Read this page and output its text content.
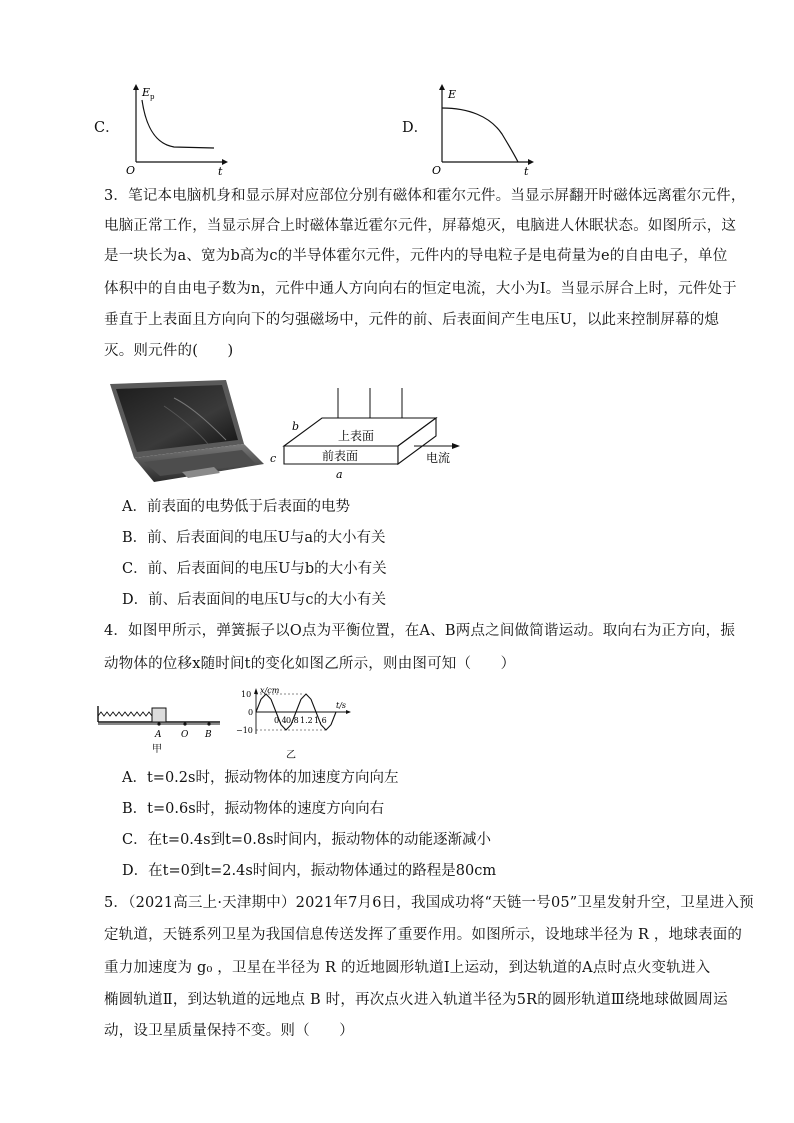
C．
E p
O	t
D．
E
O	t
3．笔记本电脑机身和显示屏对应部位分别有磁体和霍尔元件。当显示屏翻开时磁体远离霍尔元件，
电脑正常工作，当显示屏合上时磁体靠近霍尔元件，屏幕熄灭，电脑进人休眠状态。如图所示，这
是一块长为a、宽为b高为c的半导体霍尔元件，元件内的导电粒子是电荷量为e的自由电子，单位
体积中的自由电子数为n，元件中通人方向向右的恒定电流，大小为I。当显示屏合上时，元件处于
垂直于上表面且方向向下的匀强磁场中，元件的前、后表面间产生电压U，以此来控制屏幕的熄
灭。则元件的(　　)
b
c
a
上表面
前表面	电流
A．前表面的电势低于后表面的电势
B．前、后表面间的电压U与a的大小有关
C．前、后表面间的电压U与b的大小有关
D．前、后表面间的电压U与c的大小有关
4．如图甲所示，弹簧振子以O点为平衡位置，在A、B两点之间做简谐运动。取向右为正方向，振
动物体的位移x随时间t的变化如图乙所示，则由图可知（　　）
A O B
甲
x/cm
t/s
10
0
−10
0.4 0.8 1.2 1.6
乙
A．t=0.2s时，振动物体的加速度方向向左
B．t=0.6s时，振动物体的速度方向向右
C．在t=0.4s到t=0.8s时间内，振动物体的动能逐渐减小
D．在t=0到t=2.4s时间内，振动物体通过的路程是80cm
5．（2021高三上·天津期中）2021年7月6日，我国成功将“天链一号05”卫星发射升空，卫星进入预
定轨道，天链系列卫星为我国信息传送发挥了重要作用。如图所示，设地球半径为 R ，地球表面的
重力加速度为 g₀ ，卫星在半径为 R 的近地圆形轨道Ⅰ上运动，到达轨道的A点时点火变轨进入
椭圆轨道Ⅱ，到达轨道的远地点 B 时，再次点火进入轨道半径为5R的圆形轨道Ⅲ绕地球做圆周运
动，设卫星质量保持不变。则（　　）
